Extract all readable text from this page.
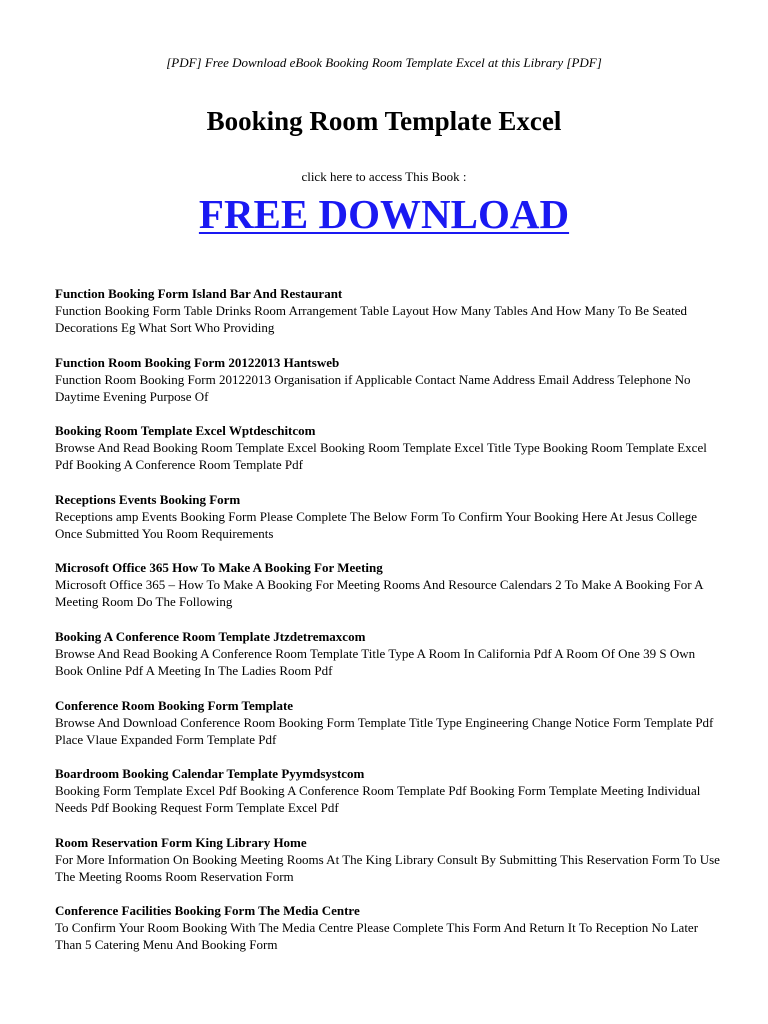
[PDF] Free Download eBook Booking Room Template Excel at this Library [PDF]
Booking Room Template Excel
click here to access This Book :
FREE DOWNLOAD
Function Booking Form Island Bar And Restaurant
Function Booking Form Table Drinks Room Arrangement Table Layout How Many Tables And How Many To Be Seated Decorations Eg What Sort Who Providing
Function Room Booking Form 20122013 Hantsweb
Function Room Booking Form 20122013 Organisation if Applicable Contact Name Address Email Address Telephone No Daytime Evening Purpose Of
Booking Room Template Excel Wptdeschitcom
Browse And Read Booking Room Template Excel Booking Room Template Excel Title Type Booking Room Template Excel Pdf Booking A Conference Room Template Pdf
Receptions Events Booking Form
Receptions amp Events Booking Form Please Complete The Below Form To Confirm Your Booking Here At Jesus College Once Submitted You Room Requirements
Microsoft Office 365 How To Make A Booking For Meeting
Microsoft Office 365 – How To Make A Booking For Meeting Rooms And Resource Calendars 2 To Make A Booking For A Meeting Room Do The Following
Booking A Conference Room Template Jtzdetremaxcom
Browse And Read Booking A Conference Room Template Title Type A Room In California Pdf A Room Of One 39 S Own Book Online Pdf A Meeting In The Ladies Room Pdf
Conference Room Booking Form Template
Browse And Download Conference Room Booking Form Template Title Type Engineering Change Notice Form Template Pdf Place Vlaue Expanded Form Template Pdf
Boardroom Booking Calendar Template Pyymdsystcom
Booking Form Template Excel Pdf Booking A Conference Room Template Pdf Booking Form Template Meeting Individual Needs Pdf Booking Request Form Template Excel Pdf
Room Reservation Form King Library Home
For More Information On Booking Meeting Rooms At The King Library Consult By Submitting This Reservation Form To Use The Meeting Rooms Room Reservation Form
Conference Facilities Booking Form The Media Centre
To Confirm Your Room Booking With The Media Centre Please Complete This Form And Return It To Reception No Later Than 5 Catering Menu And Booking Form
